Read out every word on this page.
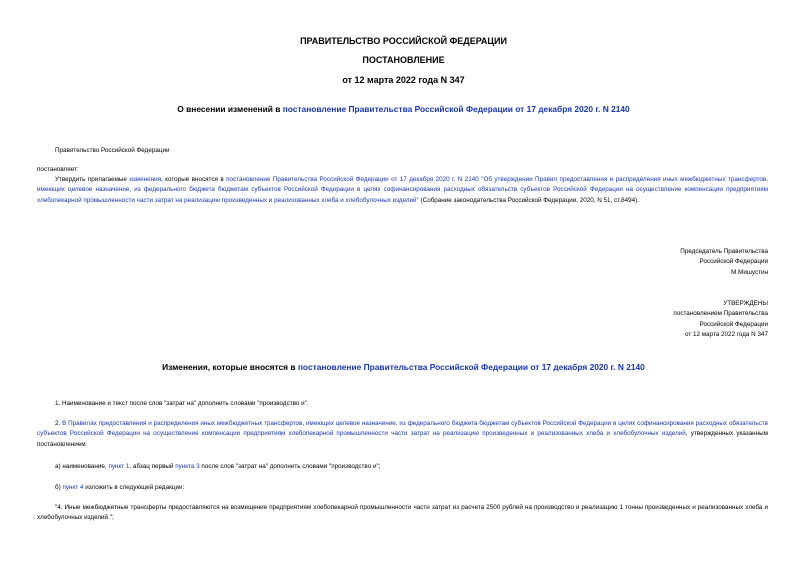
ПРАВИТЕЛЬСТВО РОССИЙСКОЙ ФЕДЕРАЦИИ
ПОСТАНОВЛЕНИЕ
от 12 марта 2022 года N 347
О внесении изменений в постановление Правительства Российской Федерации от 17 декабря 2020 г. N 2140
Правительство Российской Федерации
постановляет:
Утвердить прилагаемые изменения, которые вносятся в постановление Правительства Российской Федерации от 17 декабря 2020 г. N 2140 "Об утверждении Правил предоставления и распределения иных межбюджетных трансфертов, имеющих целевое назначение, из федерального бюджета бюджетам субъектов Российской Федерации в целях софинансирования расходных обязательств субъектов Российской Федерации на осуществление компенсации предприятиям хлебопекарной промышленности части затрат на реализацию произведенных и реализованных хлеба и хлебобулочных изделий" (Собрание законодательства Российской Федерации, 2020, N 51, ст.8494).
Председатель Правительства
Российской Федерации
М.Мишустин
УТВЕРЖДЕНЫ
постановлением Правительства
Российской Федерации
от 12 марта 2022 года N 347
Изменения, которые вносятся в постановление Правительства Российской Федерации от 17 декабря 2020 г. N 2140
1. Наименование и текст после слов "затрат на" дополнить словами "производство и".
2. В Правилах предоставления и распределения иных межбюджетных трансфертов, имеющих целевое назначение, из федерального бюджета бюджетам субъектов Российской Федерации в целях софинансирования расходных обязательств субъектов Российской Федерации на осуществление компенсации предприятиям хлебопекарной промышленности части затрат на реализацию произведенных и реализованных хлеба и хлебобулочных изделий, утвержденных указанным постановлением:
а) наименование, пункт 1, абзац первый пункта 3 после слов "затрат на" дополнить словами "производство и";
б) пункт 4 изложить в следующей редакции:
"4. Иные межбюджетные трансферты предоставляются на возмещение предприятиям хлебопекарной промышленности части затрат из расчета 2500 рублей на производство и реализацию 1 тонны произведенных и реализованных хлеба и хлебобулочных изделий.";
